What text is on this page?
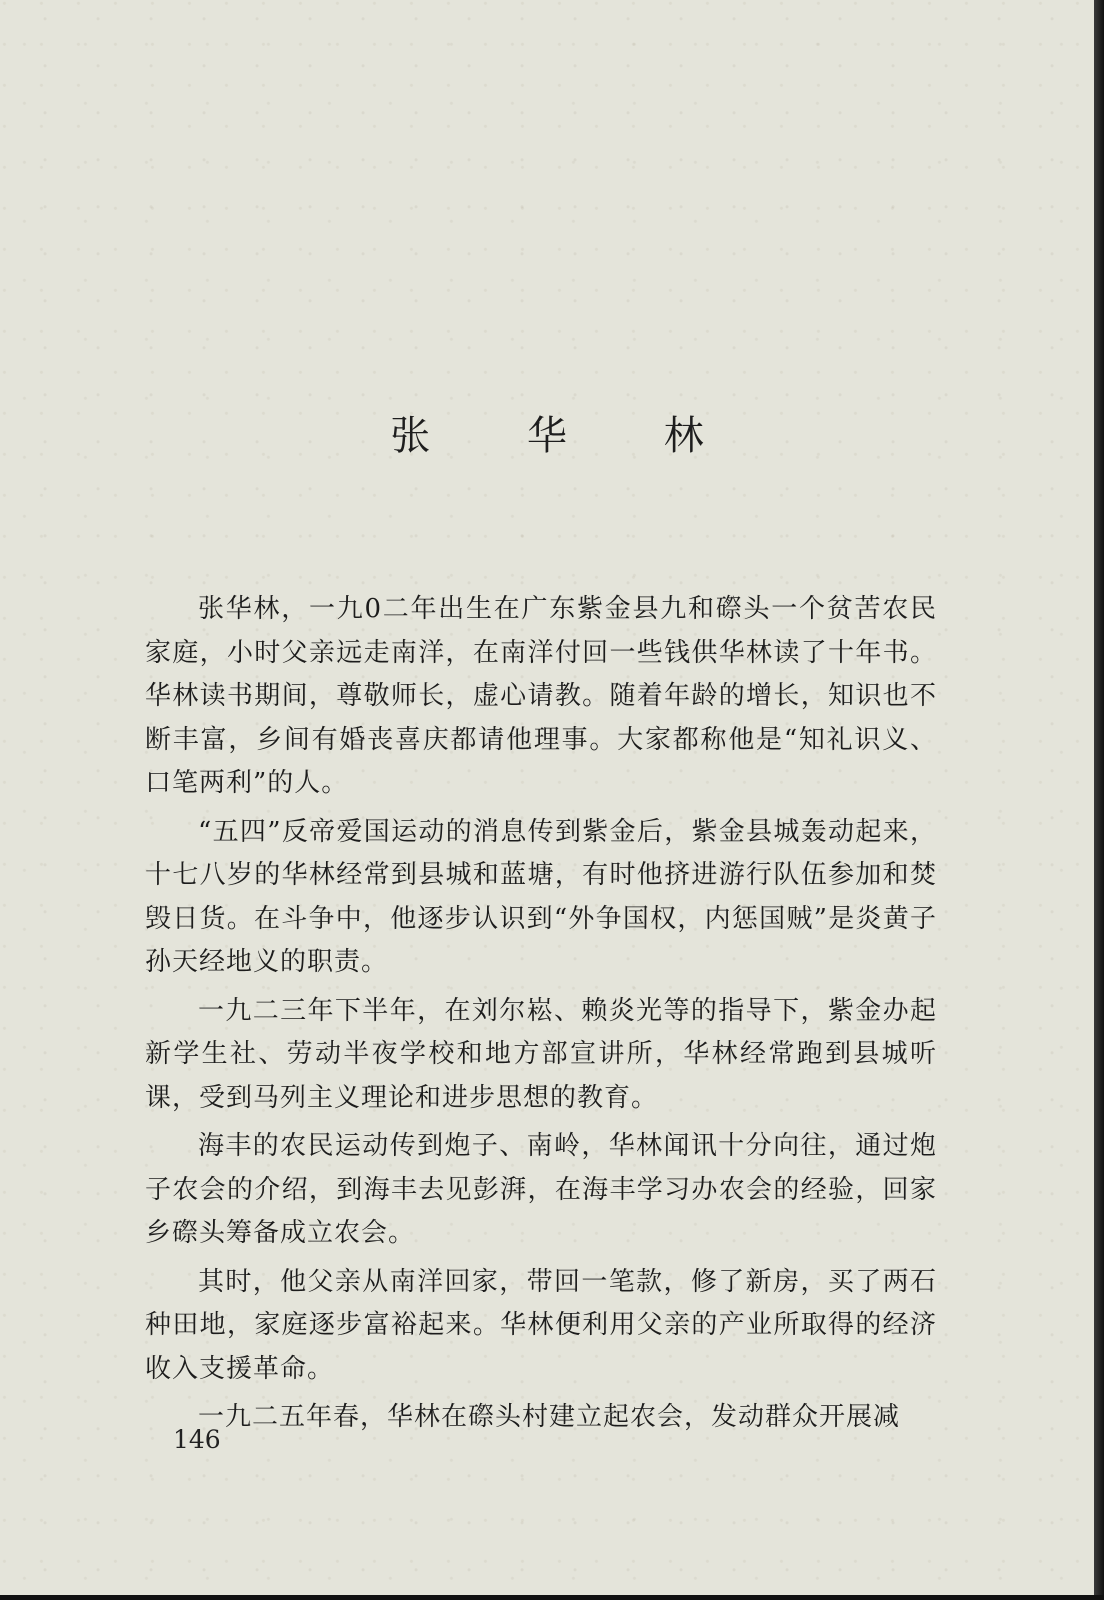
张 华 林

张华林，一九0二年出生在广东紫金县九和磜头一个贫苦农民家庭，小时父亲远走南洋，在南洋付回一些钱供华林读了十年书。华林读书期间，尊敬师长，虚心请教。随着年龄的增长，知识也不断丰富，乡间有婚丧喜庆都请他理事。大家都称他是“知礼识义、口笔两利”的人。

“五四”反帝爱国运动的消息传到紫金后，紫金县城轰动起来，十七八岁的华林经常到县城和蓝塘，有时他挤进游行队伍参加和焚毁日货。在斗争中，他逐步认识到“外争国权，内惩国贼”是炎黄子孙天经地义的职责。

一九二三年下半年，在刘尔崧、赖炎光等的指导下，紫金办起新学生社、劳动半夜学校和地方部宣讲所，华林经常跑到县城听课，受到马列主义理论和进步思想的教育。

海丰的农民运动传到炮子、南岭，华林闻讯十分向往，通过炮子农会的介绍，到海丰去见彭湃，在海丰学习办农会的经验，回家乡磜头筹备成立农会。

其时，他父亲从南洋回家，带回一笔款，修了新房，买了两石种田地，家庭逐步富裕起来。华林便利用父亲的产业所取得的经济收入支援革命。

一九二五年春，华林在磜头村建立起农会，发动群众开展减

146
